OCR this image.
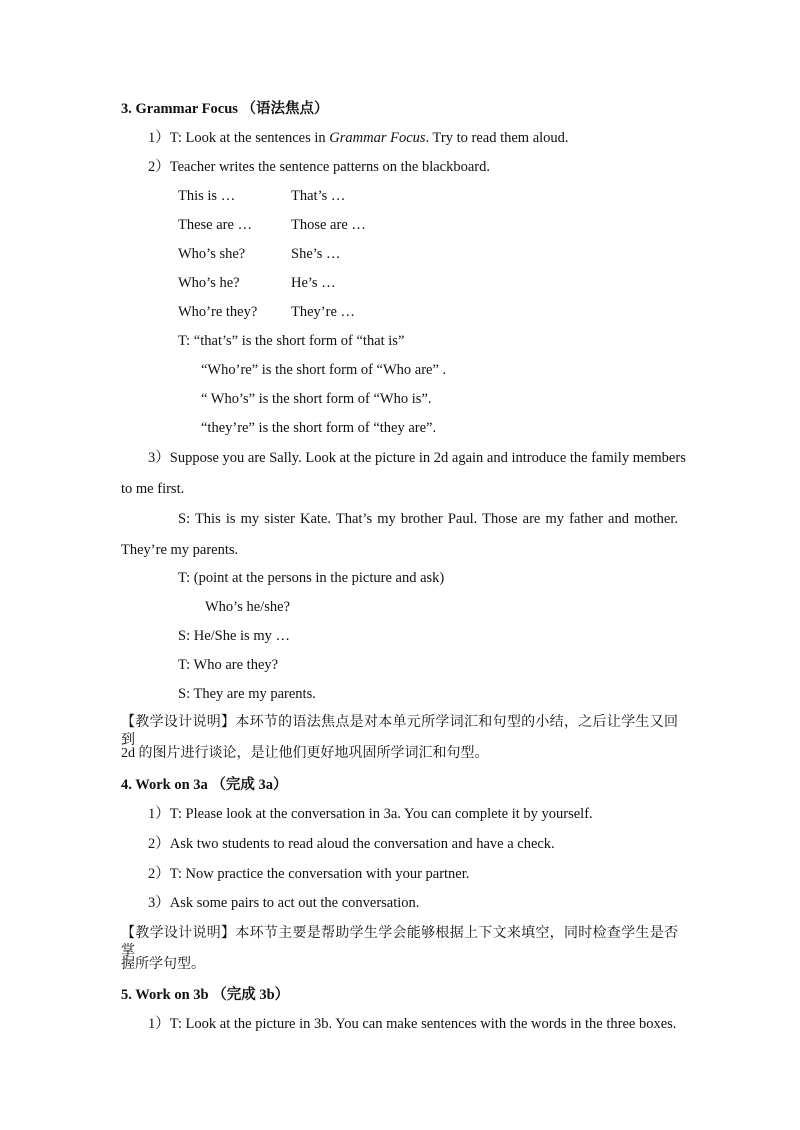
3. Grammar Focus （语法焦点）
1）T: Look at the sentences in Grammar Focus. Try to read them aloud.
2）Teacher writes the sentence patterns on the blackboard.
This is …	That’s …
These are …	Those are …
Who’s she?	She’s …
Who’s he?	He’s …
Who’re they? They’re …
T: “that’s” is the short form of “that is”
“Who’re” is the short form of “Who are” .
“ Who’s” is the short form of “Who is”.
“they’re” is the short form of “they are”.
3）Suppose you are Sally. Look at the picture in 2d again and introduce the family members
to me first.
S: This is my sister Kate. That’s my brother Paul. Those are my father and mother.
They’re my parents.
T: (point at the persons in the picture and ask)
Who’s he/she?
S: He/She is my …
T: Who are they?
S: They are my parents.
【教学设计说明】本环节的语法焦点是对本单元所学词汇和句型的小结，之后让学生又回到
2d 的图片进行谈论，是让他们更好地巩固所学词汇和句型。
4. Work on 3a （完成 3a）
1）T: Please look at the conversation in 3a. You can complete it by yourself.
2）Ask two students to read aloud the conversation and have a check.
2）T: Now practice the conversation with your partner.
3）Ask some pairs to act out the conversation.
【教学设计说明】本环节主要是帮助学生学会能够根据上下文来填空，同时检查学生是否掌
握所学句型。
5. Work on 3b （完成 3b）
1）T: Look at the picture in 3b. You can make sentences with the words in the three boxes.
